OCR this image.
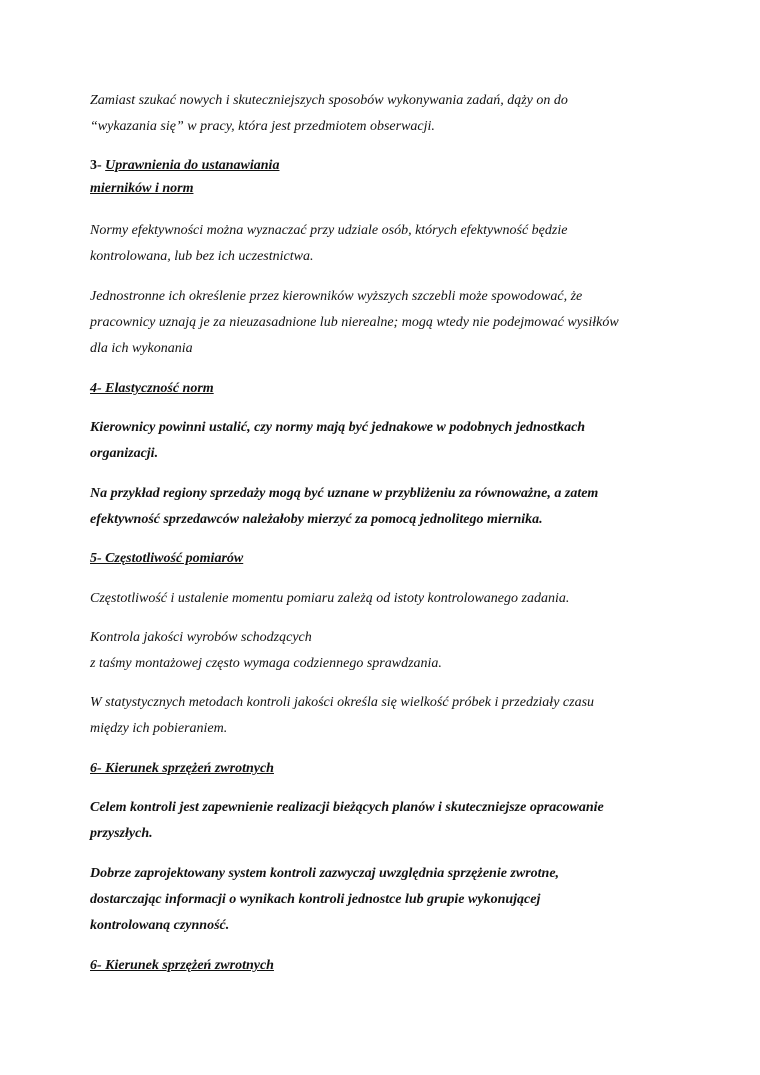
Zamiast szukać nowych i skuteczniejszych sposobów wykonywania zadań, dąży on do
“wykazania się” w pracy, która jest przedmiotem obserwacji.
3- Uprawnienia do ustanawiania
mierników i norm
Normy efektywności można wyznaczać przy udziale osób, których efektywność będzie
kontrolowana, lub bez ich uczestnictwa.
Jednostronne ich określenie przez kierowników wyższych szczebli może spowodować, że
pracownicy uznają je za nieuzasadnione lub nierealne; mogą wtedy nie podejmować wysiłków
dla ich wykonania
4- Elastyczność norm
Kierownicy powinni ustalić, czy normy mają być jednakowe w podobnych jednostkach
organizacji.
Na przykład regiony sprzedaży mogą być uznane w przybliżeniu za równoważne, a zatem
efektywność sprzedawców należałoby mierzyć za pomocą jednolitego miernika.
5- Częstotliwość pomiarów
Częstotliwość i ustalenie momentu pomiaru zależą od istoty kontrolowanego zadania.
Kontrola jakości wyrobów schodzących
z taśmy montażowej często wymaga codziennego sprawdzania.
W statystycznych metodach kontroli jakości określa się wielkość próbek i przedziały czasu
między ich pobieraniem.
6- Kierunek sprzężeń zwrotnych
Celem kontroli jest zapewnienie realizacji bieżących planów i skuteczniejsze opracowanie
przyszłych.
Dobrze zaprojektowany system kontroli zazwyczaj uwzględnia sprzężenie zwrotne,
dostarczając informacji o wynikach kontroli jednostce lub grupie wykonującej
kontrolowaną czynność.
6- Kierunek sprzężeń zwrotnych
